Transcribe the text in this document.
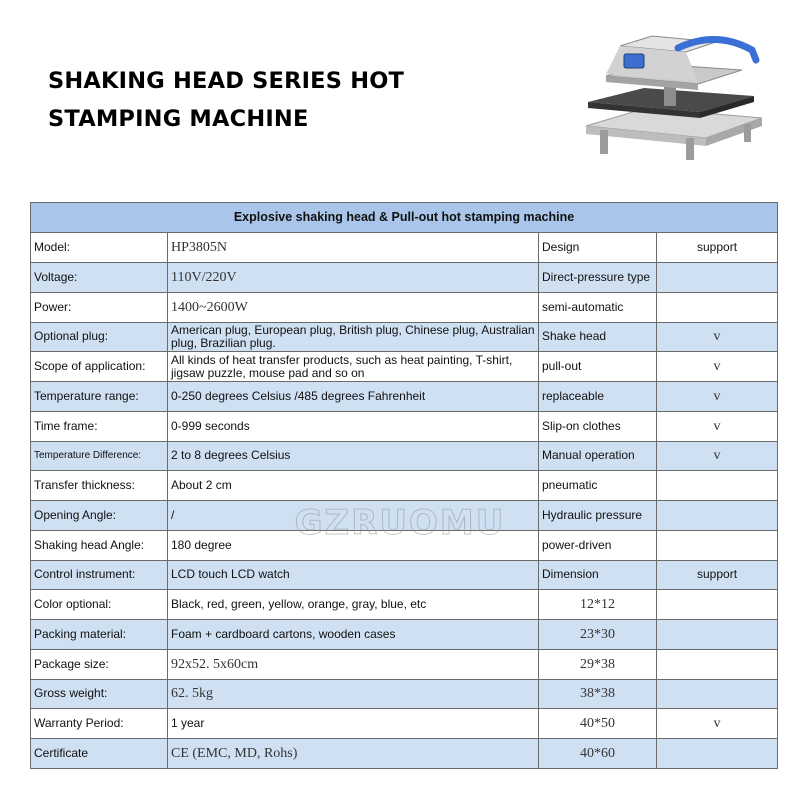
SHAKING HEAD SERIES HOT
STAMPING MACHINE
Explosive shaking head & Pull-out hot stamping machine			
Model:	HP3805N	Design	support
Voltage:	110V/220V	Direct-pressure type	
Power:	1400~2600W	semi-automatic	
Optional plug:	American plug, European plug, British plug, Chinese plug, Australian plug, Brazilian plug.	Shake head	v
Scope of application:	All kinds of heat transfer products, such as heat painting, T-shirt, jigsaw puzzle, mouse pad and so on	pull-out	v
Temperature range:	0-250 degrees Celsius /485 degrees Fahrenheit	replaceable	v
Time frame:	0-999 seconds	Slip-on clothes	v
Temperature Difference:	2 to 8 degrees Celsius	Manual operation	v
Transfer thickness:	About 2 cm	pneumatic	
Opening Angle:	/	Hydraulic pressure	
Shaking head Angle:	180 degree	power-driven	
Control instrument:	LCD touch LCD watch	Dimension	support
Color optional:	Black, red, green, yellow, orange, gray, blue, etc	12*12	
Packing material:	Foam + cardboard cartons, wooden cases	23*30	
Package size:	92x52. 5x60cm	29*38	
Gross weight:	62. 5kg	38*38	
Warranty Period:	1 year	40*50	v
Certificate	CE (EMC, MD, Rohs)	40*60	
